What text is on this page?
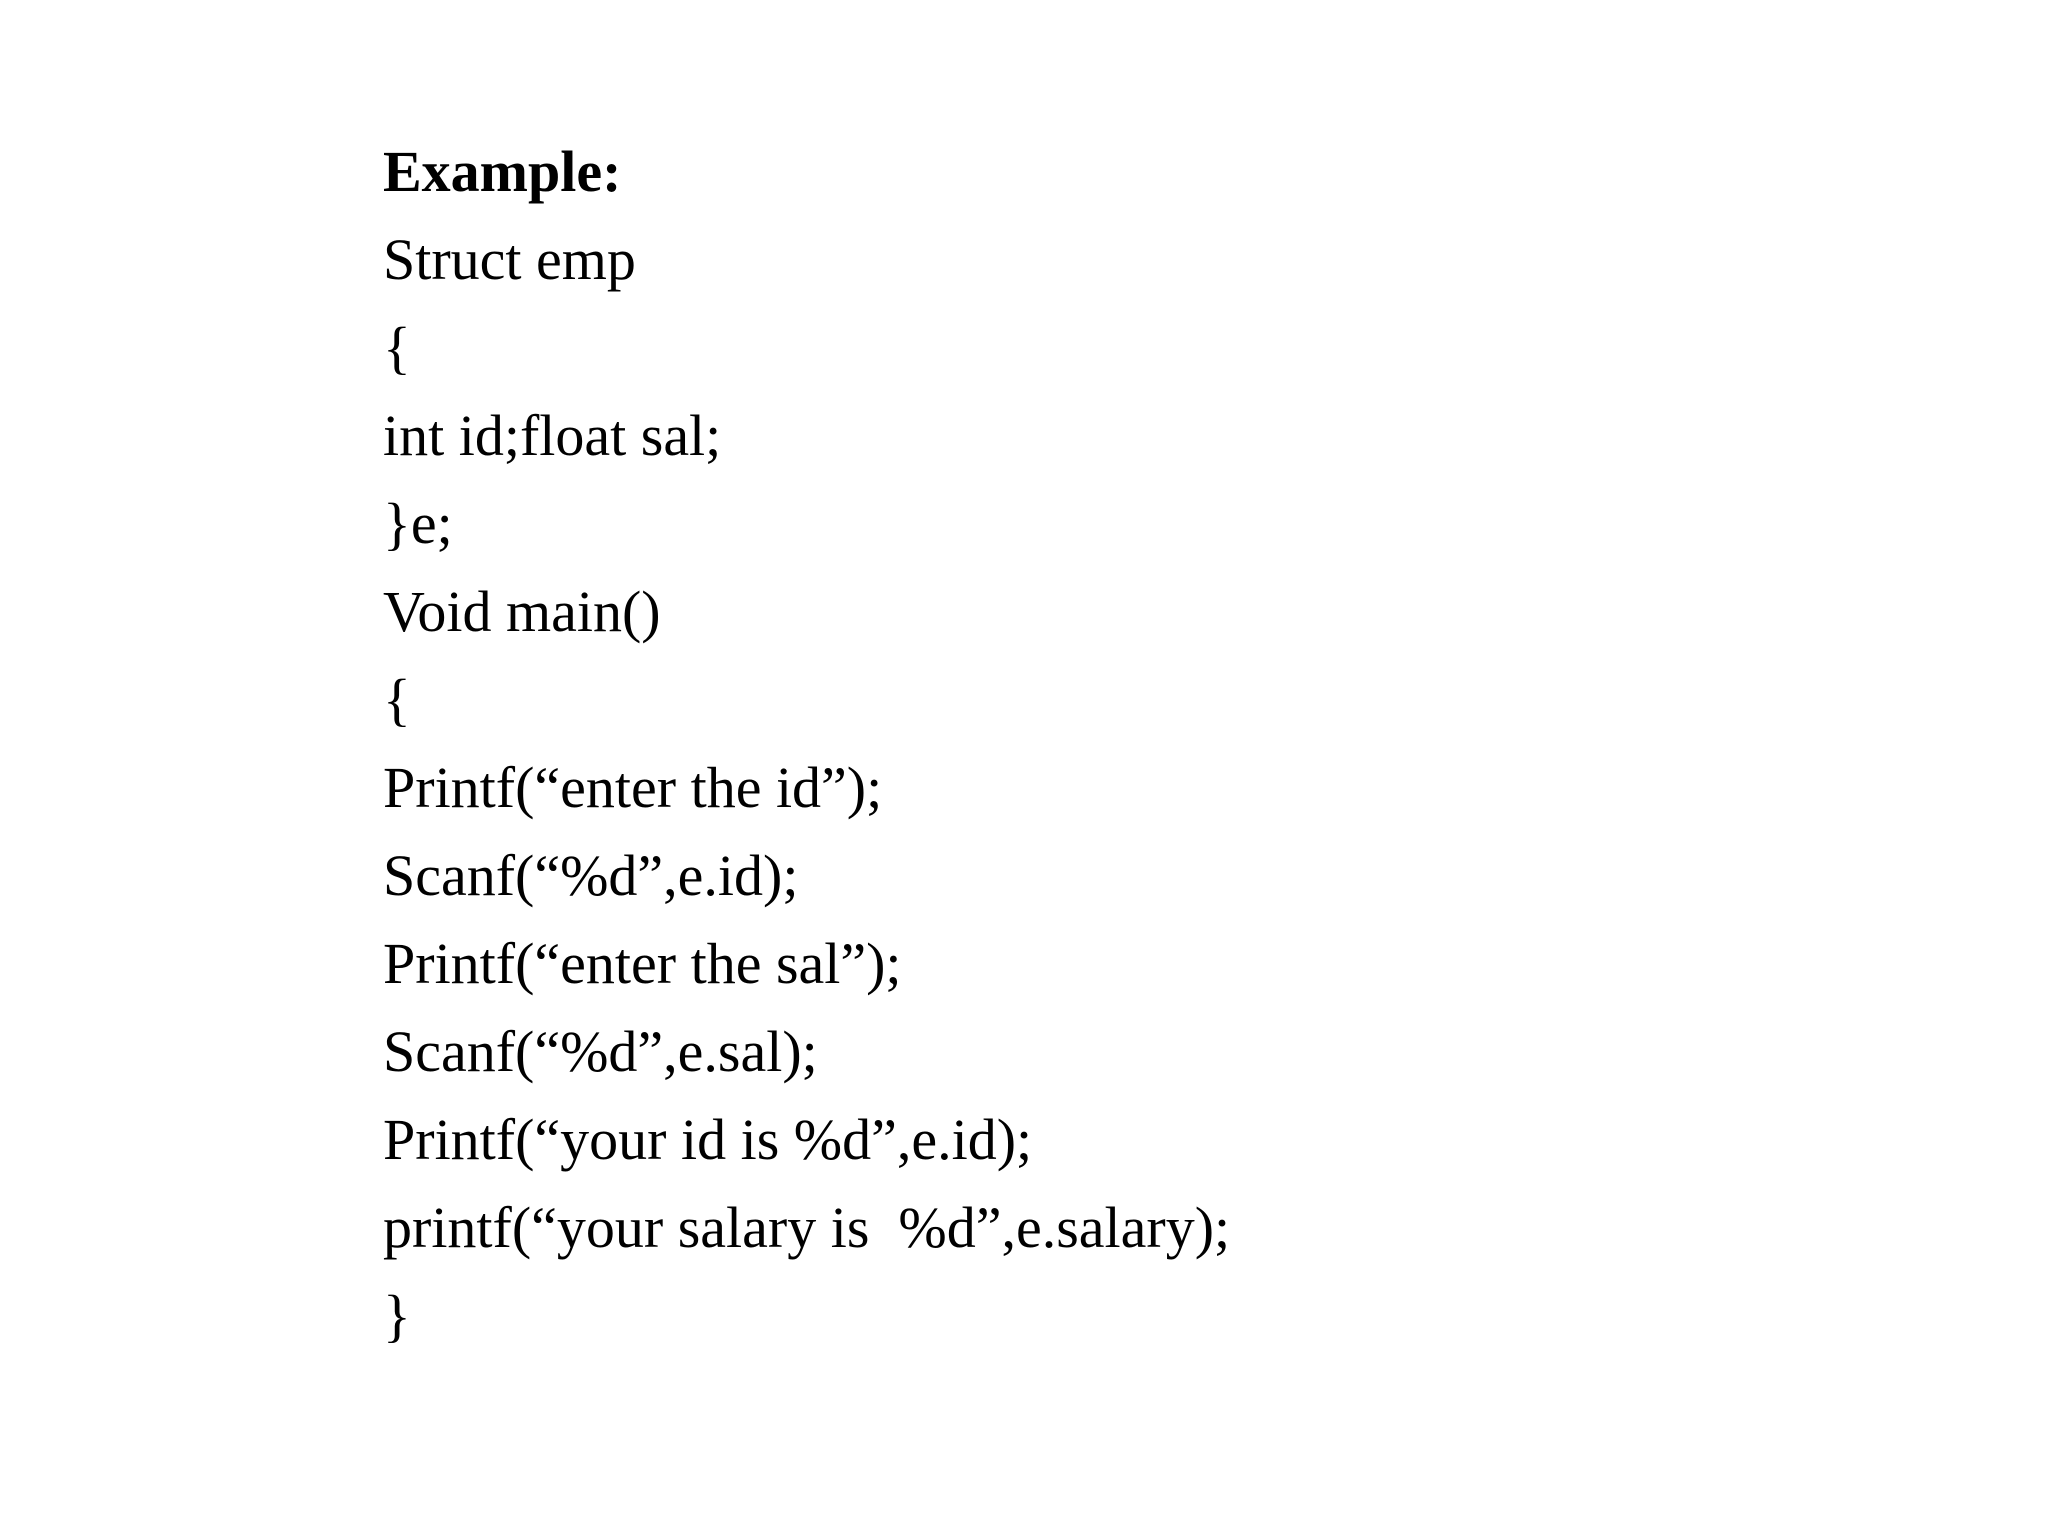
Example:
Struct emp
{
int id;float sal;
}e;
Void main()
{
Printf(“enter the id”);
Scanf(“%d”,e.id);
Printf(“enter the sal”);
Scanf(“%d”,e.sal);
Printf(“your id is %d”,e.id);
printf(“your salary is  %d”,e.salary);
}
